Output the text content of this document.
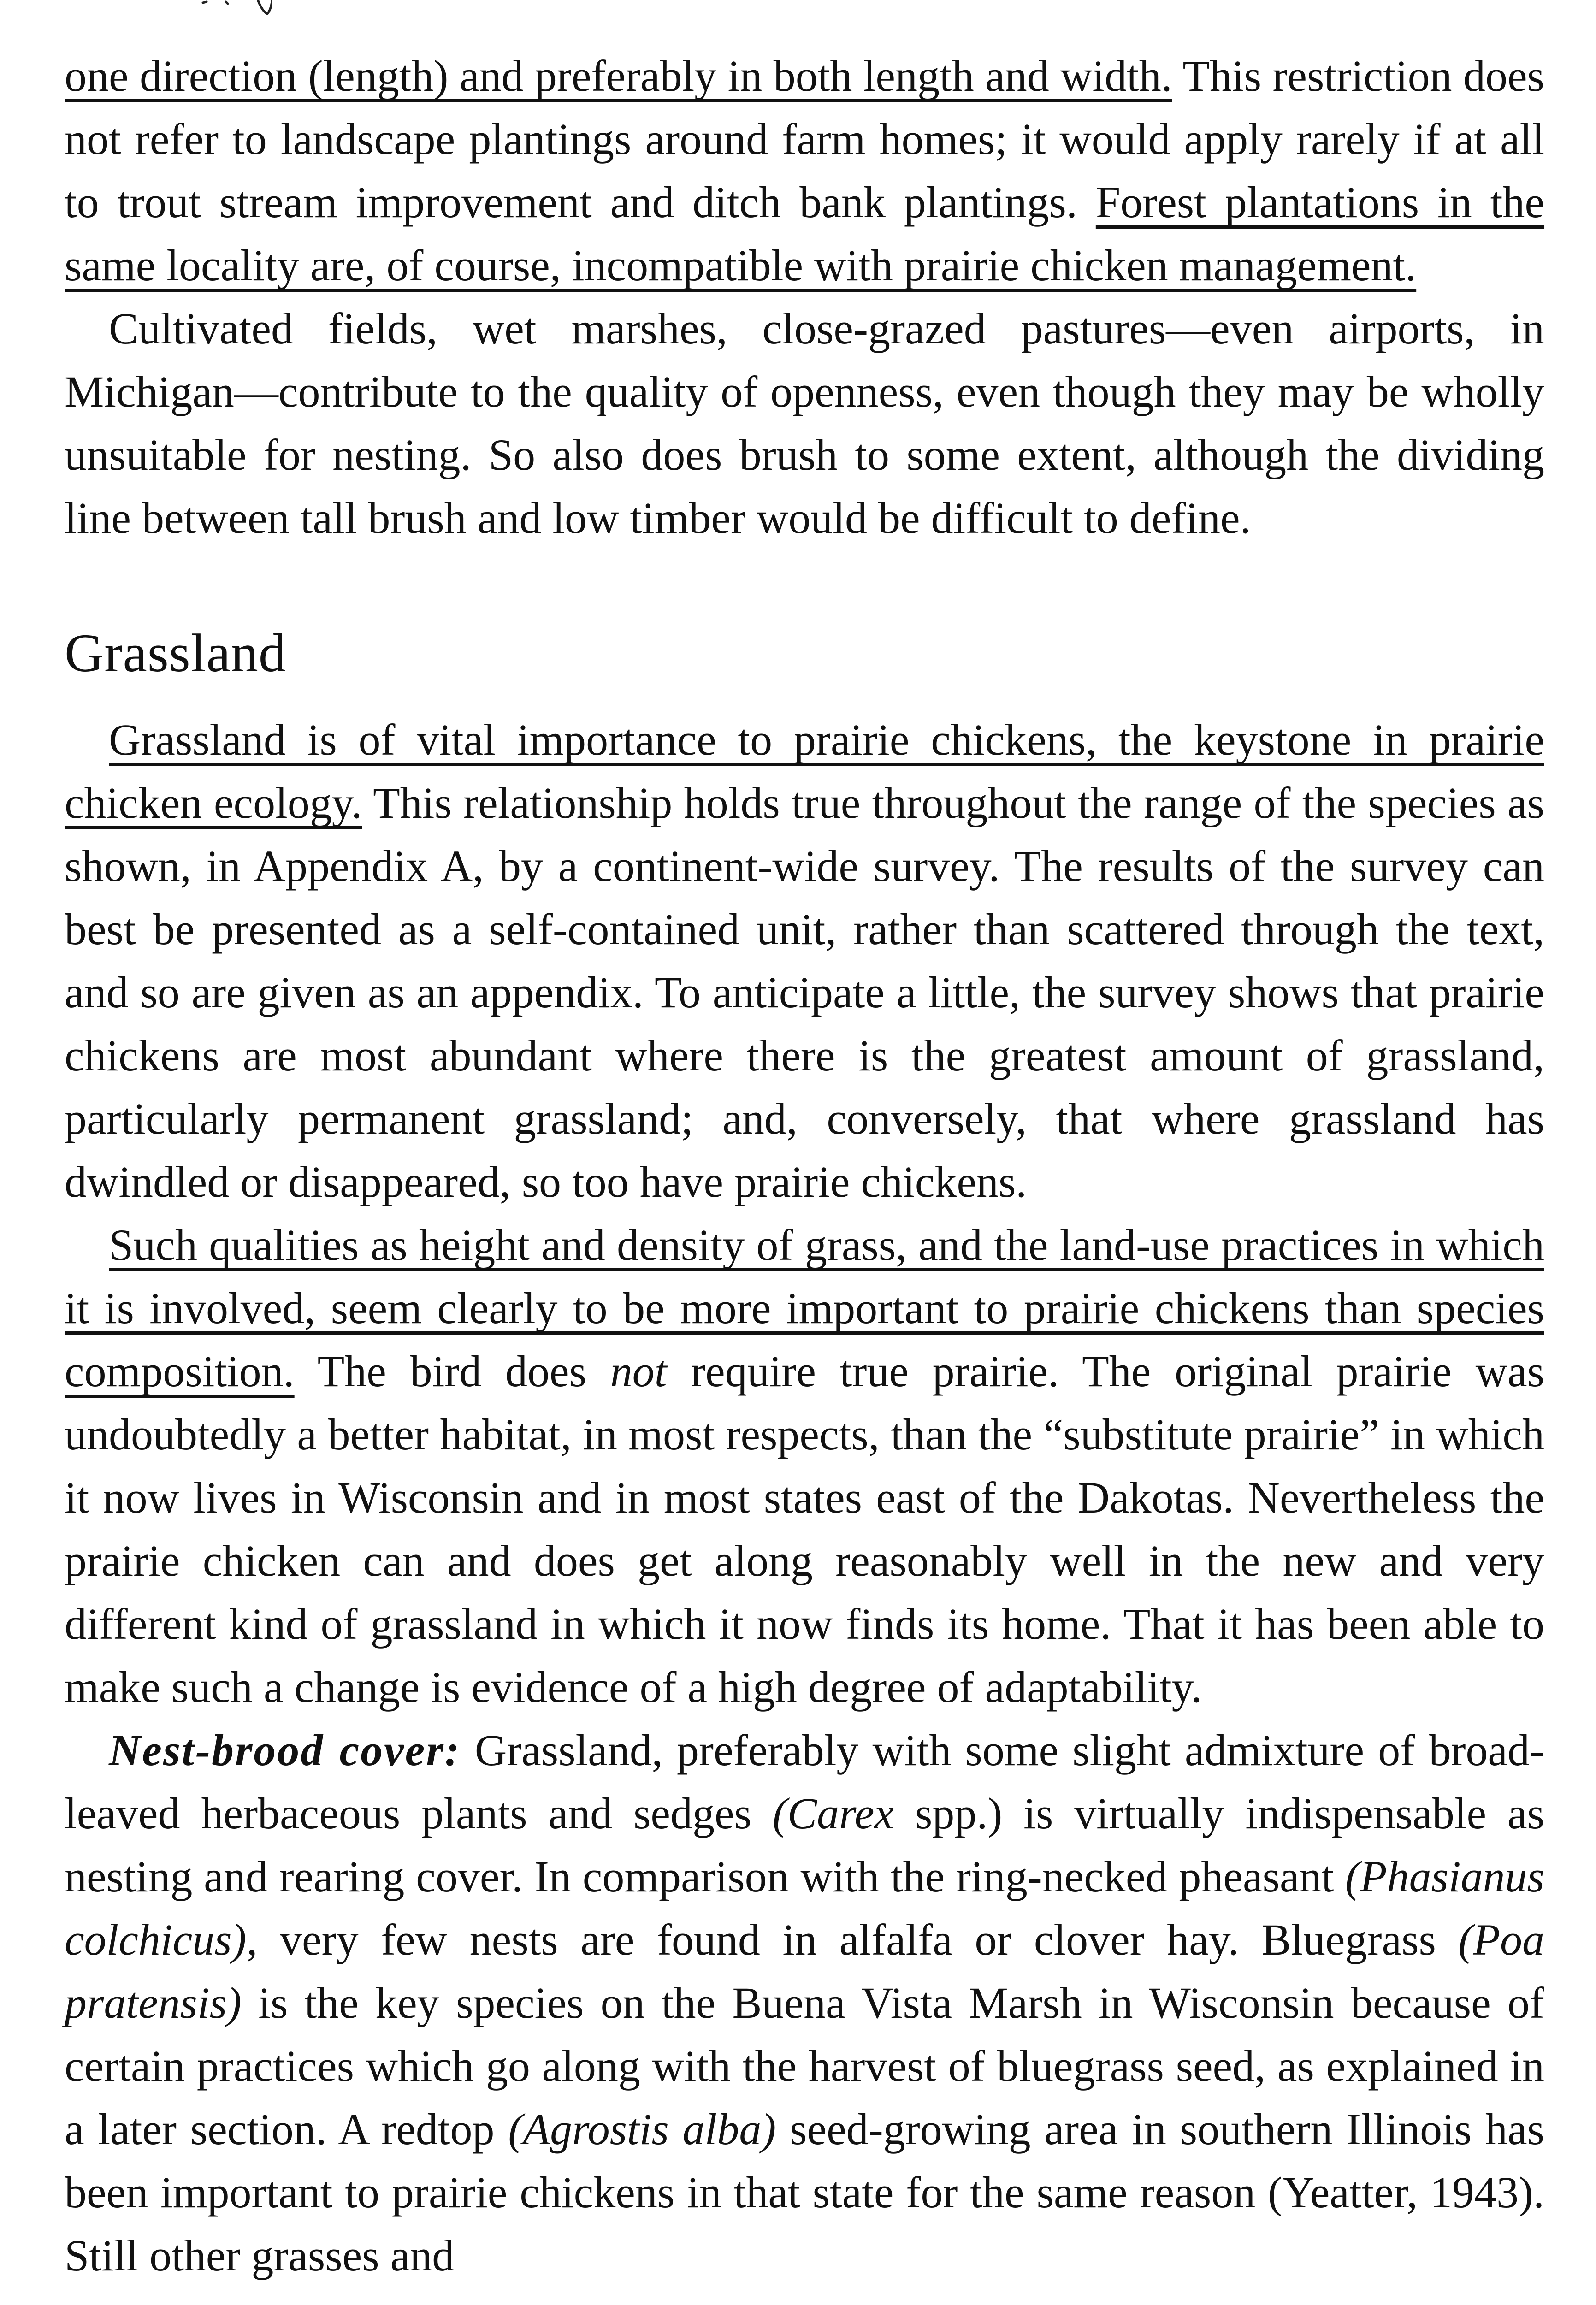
one direction (length) and preferably in both length and width. This restriction does not refer to landscape plantings around farm homes; it would apply rarely if at all to trout stream improvement and ditch bank plantings. Forest plantations in the same locality are, of course, incompatible with prairie chicken management.

Cultivated fields, wet marshes, close-grazed pastures—even airports, in Michigan—contribute to the quality of openness, even though they may be wholly unsuitable for nesting. So also does brush to some extent, although the dividing line between tall brush and low timber would be difficult to define.

Grassland

Grassland is of vital importance to prairie chickens, the keystone in prairie chicken ecology. This relationship holds true throughout the range of the species as shown, in Appendix A, by a continent-wide survey. The results of the survey can best be presented as a self-contained unit, rather than scattered through the text, and so are given as an appendix. To anticipate a little, the survey shows that prairie chickens are most abundant where there is the greatest amount of grassland, particularly permanent grassland; and, conversely, that where grassland has dwindled or disappeared, so too have prairie chickens.

Such qualities as height and density of grass, and the land-use practices in which it is involved, seem clearly to be more important to prairie chickens than species composition. The bird does not require true prairie. The original prairie was undoubtedly a better habitat, in most respects, than the “substitute prairie” in which it now lives in Wisconsin and in most states east of the Dakotas. Nevertheless the prairie chicken can and does get along reasonably well in the new and very different kind of grassland in which it now finds its home. That it has been able to make such a change is evidence of a high degree of adaptability.

Nest-brood cover: Grassland, preferably with some slight admixture of broad-leaved herbaceous plants and sedges (Carex spp.) is virtually indispensable as nesting and rearing cover. In comparison with the ring-necked pheasant (Phasianus colchicus), very few nests are found in alfalfa or clover hay. Bluegrass (Poa pratensis) is the key species on the Buena Vista Marsh in Wisconsin because of certain practices which go along with the harvest of bluegrass seed, as explained in a later section. A redtop (Agrostis alba) seed-growing area in southern Illinois has been important to prairie chickens in that state for the same reason (Yeatter, 1943). Still other grasses and
